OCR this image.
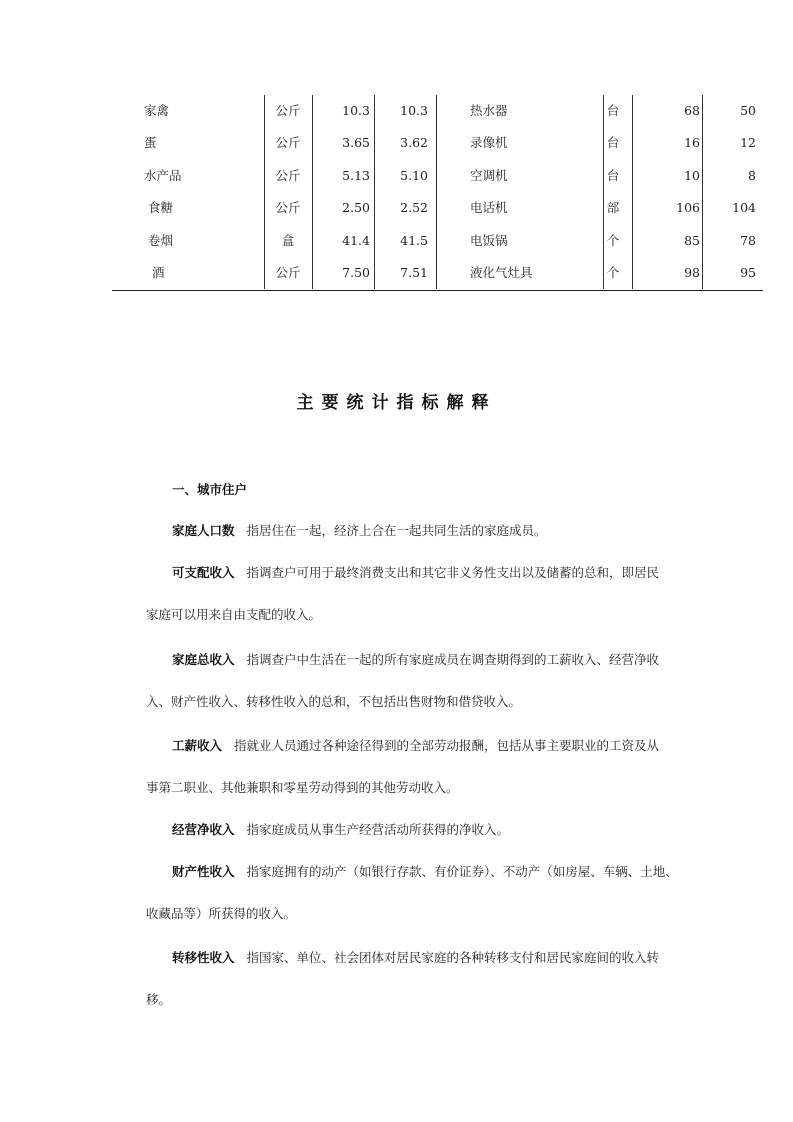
家禽	公斤	10.3	10.3	热水器	台	68	50
蛋	公斤	3.65	3.62	录像机	台	16	12
水产品	公斤	5.13	5.10	空调机	台	10	8
食糖	公斤	2.50	2.52	电话机	部	106	104
卷烟	盒	41.4	41.5	电饭锅	个	85	78
酒	公斤	7.50	7.51	液化气灶具	个	98	95
主要统计指标解释
一、城市住户
家庭人口数 指居住在一起，经济上合在一起共同生活的家庭成员。
可支配收入 指调查户可用于最终消费支出和其它非义务性支出以及储蓄的总和，即居民
家庭可以用来自由支配的收入。
家庭总收入 指调查户中生活在一起的所有家庭成员在调查期得到的工薪收入、经营净收
入、财产性收入、转移性收入的总和，不包括出售财物和借贷收入。
工薪收入 指就业人员通过各种途径得到的全部劳动报酬，包括从事主要职业的工资及从
事第二职业、其他兼职和零星劳动得到的其他劳动收入。
经营净收入 指家庭成员从事生产经营活动所获得的净收入。
财产性收入 指家庭拥有的动产（如银行存款、有价证券）、不动产（如房屋、车辆、土地、
收藏品等）所获得的收入。
转移性收入 指国家、单位、社会团体对居民家庭的各种转移支付和居民家庭间的收入转
移。
